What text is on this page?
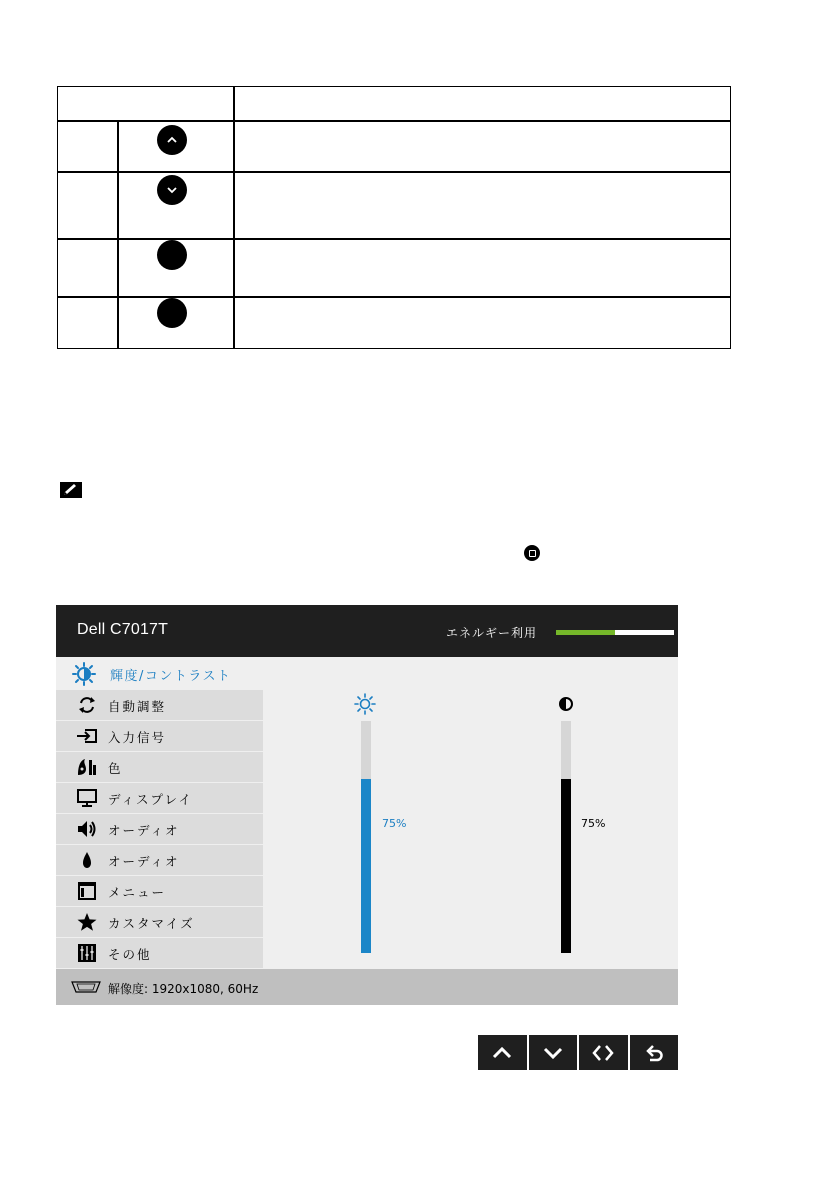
Dell C7017T	エネルギー利用
輝度/コントラスト
自動調整
入力信号
色
ディスプレイ
オーディオ
オーディオ
メニュー
カスタマイズ
その他
75%	75%
解像度: 1920x1080, 60Hz
